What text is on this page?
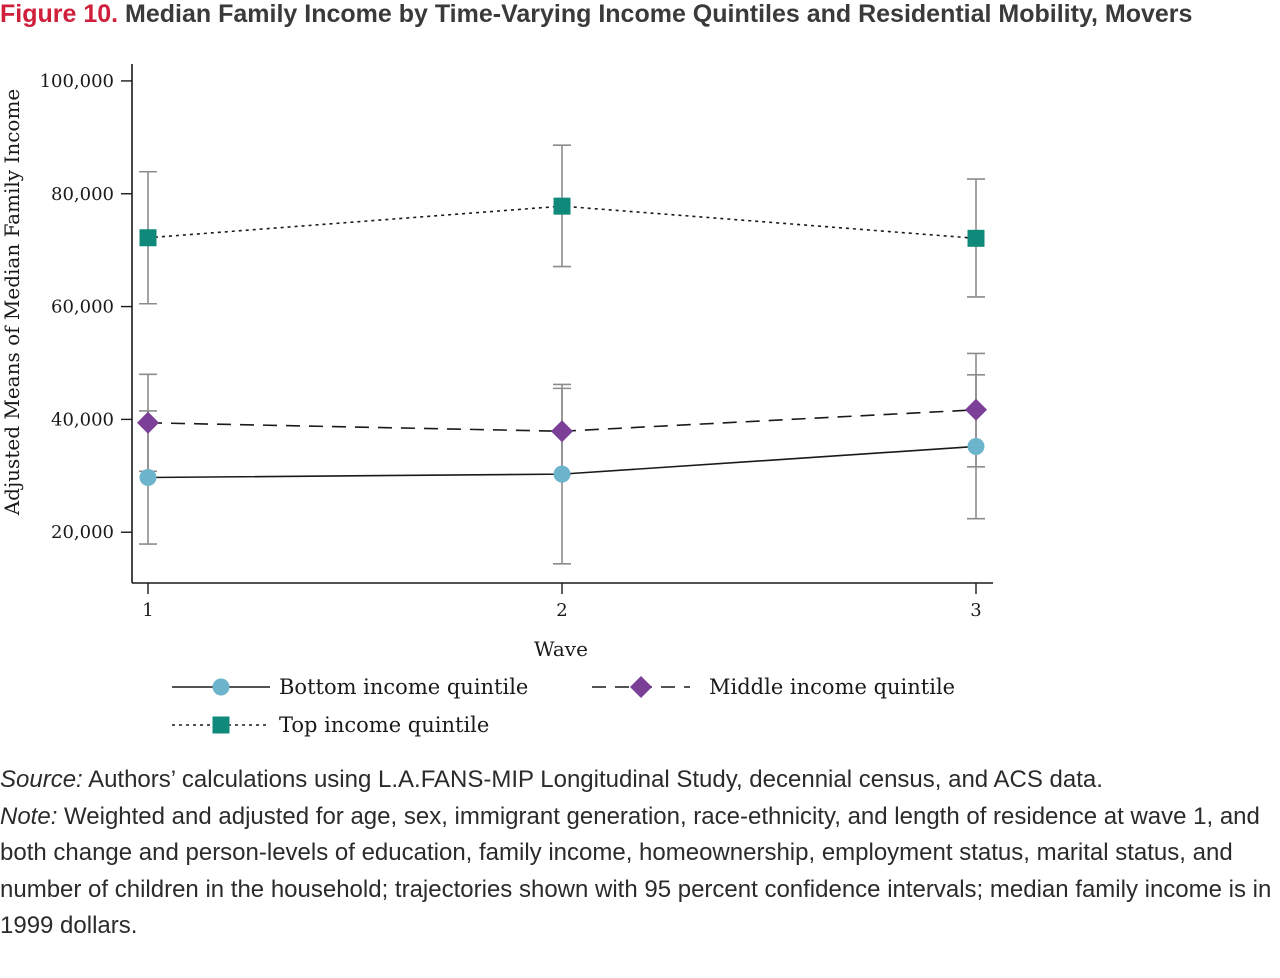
Figure 10. Median Family Income by Time-Varying Income Quintiles and Residential Mobility, Movers
20,000
40,000
60,000
80,000
100,000
1	2	3
Adjusted Means of Median Family Income
Wave
Bottom income quintile	Middle income quintile
Top income quintile

Source: Authors’ calculations using L.A.FANS-MIP Longitudinal Study, decennial census, and ACS data.

Note: Weighted and adjusted for age, sex, immigrant generation, race-ethnicity, and length of residence at wave 1, and both change and person-levels of education, family income, homeownership, employment status, marital status, and number of children in the household; trajectories shown with 95 percent confidence intervals; median family income is in 1999 dollars.
